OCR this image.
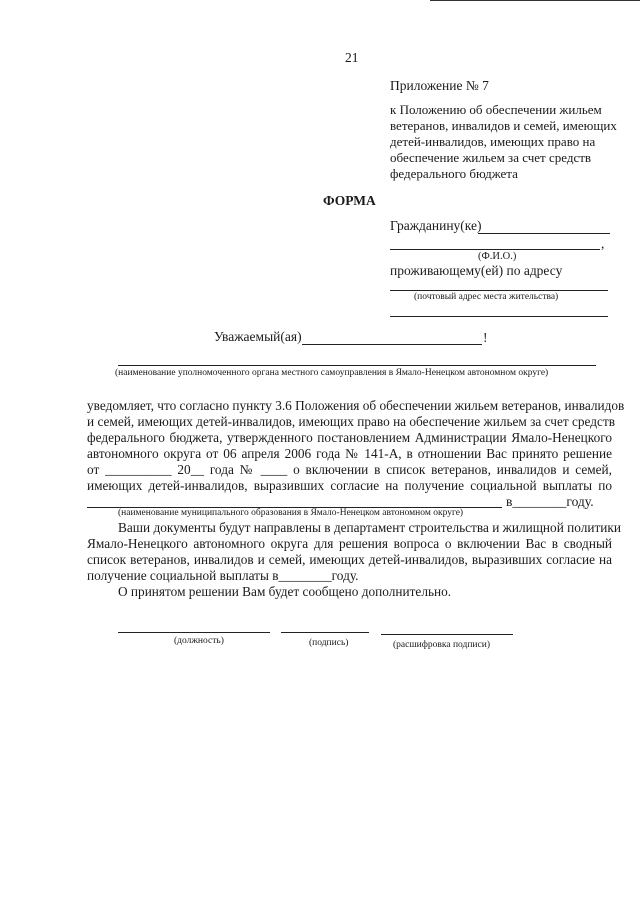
21
Приложение № 7
к Положению об обеспечении жильем ветеранов, инвалидов и семей, имеющих детей-инвалидов, имеющих право на обеспечение жильем за счет средств федерального бюджета
ФОРМА
Гражданину(ке)
,
(Ф.И.О.)
проживающему(ей) по адресу
(почтовый адрес места жительства)
Уважаемый(ая)	!
(наименование уполномоченного органа местного самоуправления в Ямало-Ненецком автономном округе)
уведомляет, что согласно пункту 3.6 Положения об обеспечении жильем ветеранов, инвалидов
и семей, имеющих детей-инвалидов, имеющих право на обеспечение жильем за счет средств
федерального бюджета, утвержденного постановлением Администрации Ямало-Ненецкого
автономного округа от 06 апреля 2006 года № 141-А, в отношении Вас принято решение
от __________ 20__ года № ____ о включении в список ветеранов, инвалидов и семей,
имеющих детей-инвалидов, выразивших согласие на получение социальной выплаты по
в________году.
(наименование муниципального образования в Ямало-Ненецком автономном округе)
Ваши документы будут направлены в департамент строительства и жилищной политики
Ямало-Ненецкого автономного округа для решения вопроса о включении Вас в сводный
список ветеранов, инвалидов и семей, имеющих детей-инвалидов, выразивших согласие на
получение социальной выплаты в________году.
О принятом решении Вам будет сообщено дополнительно.
(должность)	(подпись)	(расшифровка подписи)
